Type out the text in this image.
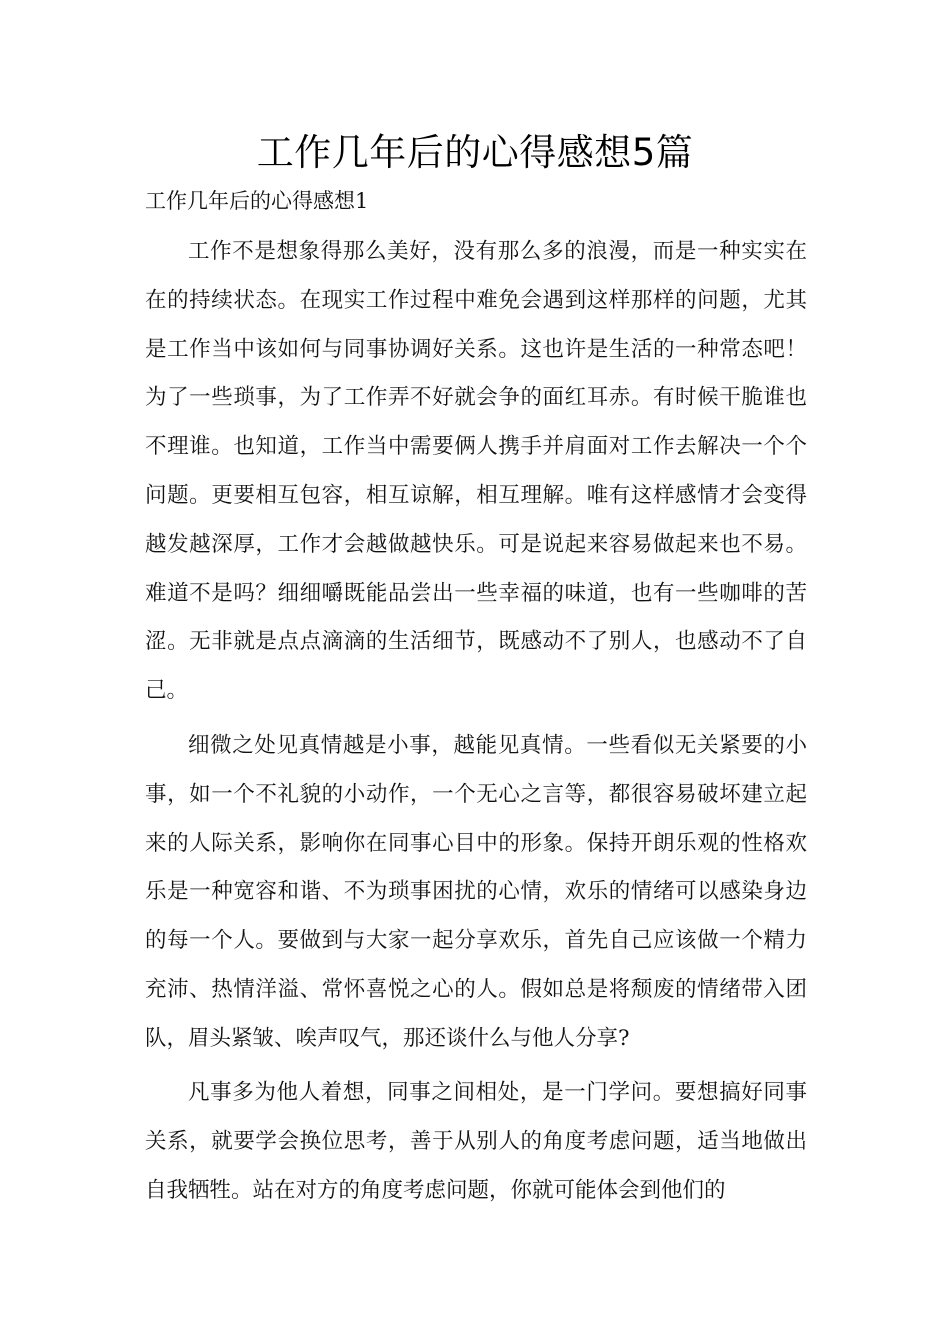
工作几年后的心得感想5篇
工作几年后的心得感想1

工作不是想象得那么美好，没有那么多的浪漫，而是一种实实在在的持续状态。在现实工作过程中难免会遇到这样那样的问题，尤其是工作当中该如何与同事协调好关系。这也许是生活的一种常态吧！为了一些琐事，为了工作弄不好就会争的面红耳赤。有时候干脆谁也不理谁。也知道，工作当中需要俩人携手并肩面对工作去解决一个个问题。更要相互包容，相互谅解，相互理解。唯有这样感情才会变得越发越深厚，工作才会越做越快乐。可是说起来容易做起来也不易。难道不是吗？细细嚼既能品尝出一些幸福的味道，也有一些咖啡的苦涩。无非就是点点滴滴的生活细节，既感动不了别人，也感动不了自己。

细微之处见真情越是小事，越能见真情。一些看似无关紧要的小事，如一个不礼貌的小动作，一个无心之言等，都很容易破坏建立起来的人际关系，影响你在同事心目中的形象。保持开朗乐观的性格欢乐是一种宽容和谐、不为琐事困扰的心情，欢乐的情绪可以感染身边的每一个人。要做到与大家一起分享欢乐，首先自己应该做一个精力充沛、热情洋溢、常怀喜悦之心的人。假如总是将颓废的情绪带入团队，眉头紧皱、唉声叹气，那还谈什么与他人分享?

凡事多为他人着想，同事之间相处，是一门学问。要想搞好同事关系，就要学会换位思考，善于从别人的角度考虑问题，适当地做出自我牺牲。站在对方的角度考虑问题，你就可能体会到他们的
